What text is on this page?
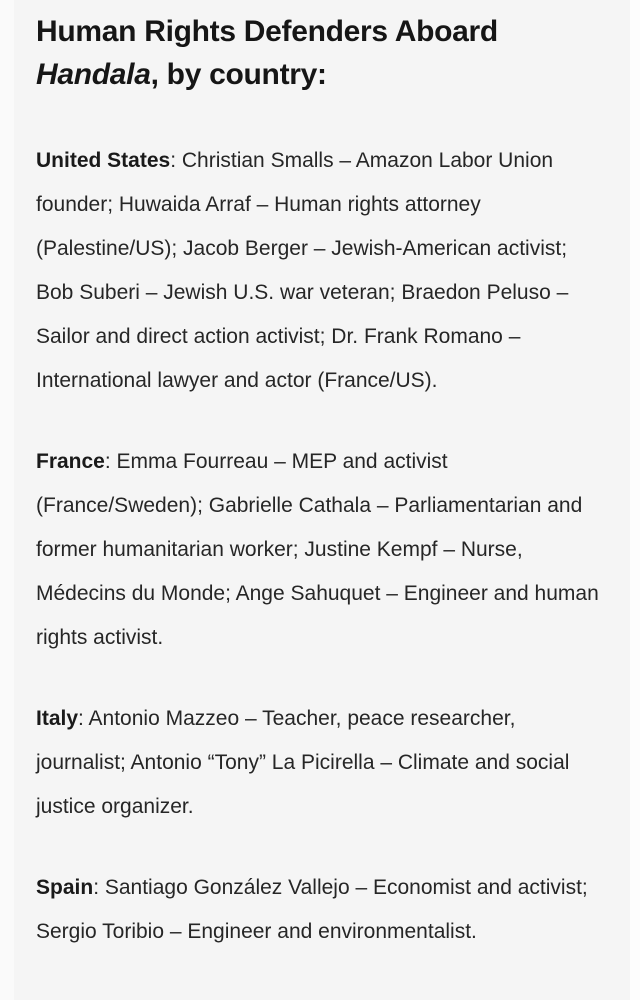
Human Rights Defenders Aboard
Handala, by country:

United States: Christian Smalls – Amazon Labor Union founder; Huwaida Arraf – Human rights attorney (Palestine/US); Jacob Berger – Jewish-American activist; Bob Suberi – Jewish U.S. war veteran; Braedon Peluso – Sailor and direct action activist; Dr. Frank Romano – International lawyer and actor (France/US).

France: Emma Fourreau – MEP and activist (France/Sweden); Gabrielle Cathala – Parliamentarian and former humanitarian worker; Justine Kempf – Nurse, Médecins du Monde; Ange Sahuquet – Engineer and human rights activist.

Italy: Antonio Mazzeo – Teacher, peace researcher, journalist; Antonio “Tony” La Picirella – Climate and social justice organizer.

Spain: Santiago González Vallejo – Economist and activist; Sergio Toribio – Engineer and environmentalist.
